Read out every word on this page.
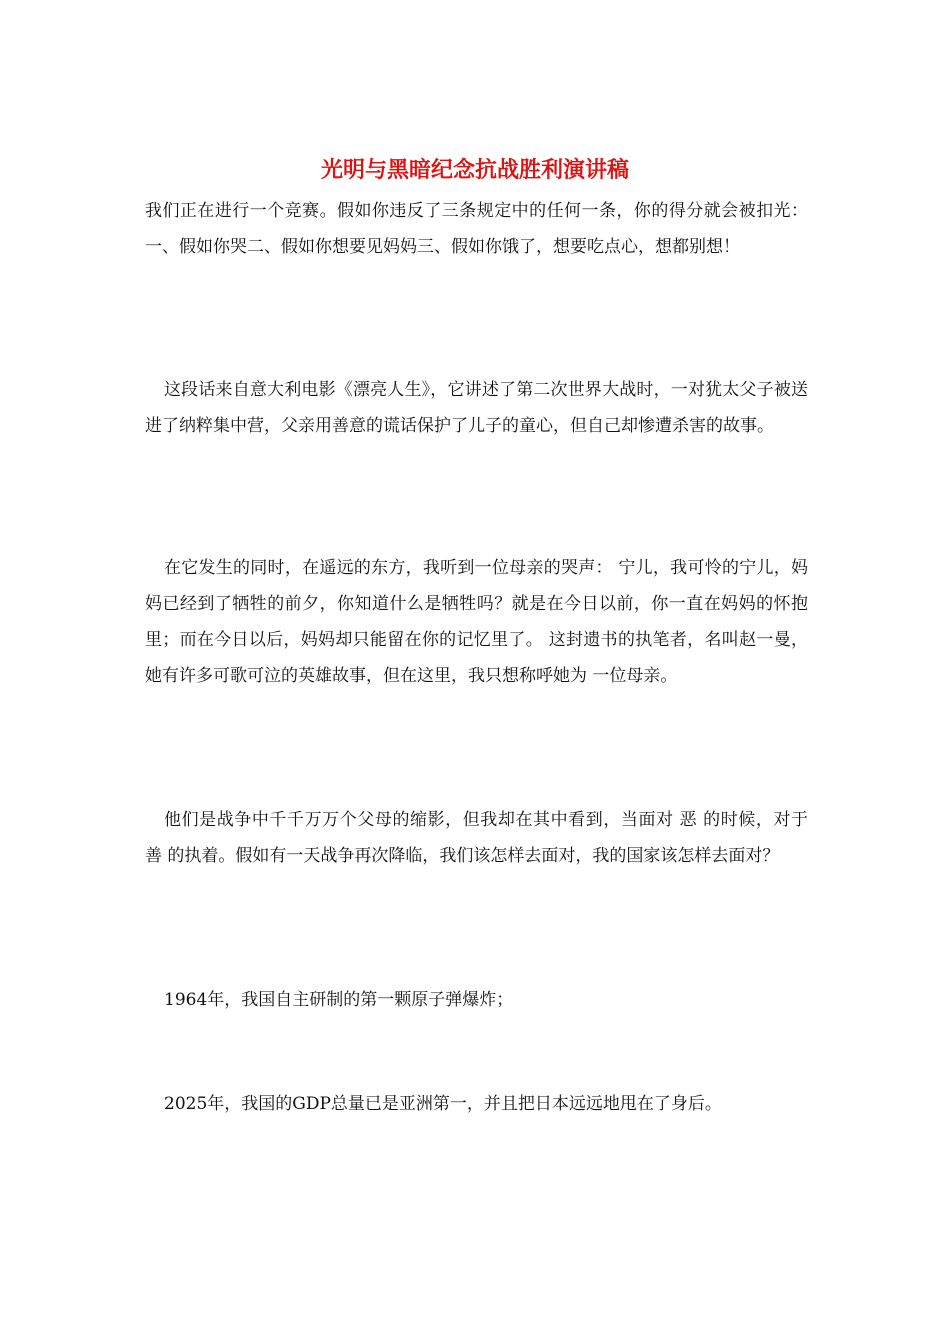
光明与黑暗纪念抗战胜利演讲稿

我们正在进行一个竞赛。假如你违反了三条规定中的任何一条，你的得分就会被扣光：一、假如你哭二、假如你想要见妈妈三、假如你饿了，想要吃点心，想都别想！

这段话来自意大利电影《漂亮人生》，它讲述了第二次世界大战时，一对犹太父子被送进了纳粹集中营，父亲用善意的谎话保护了儿子的童心，但自己却惨遭杀害的故事。

在它发生的同时，在遥远的东方，我听到一位母亲的哭声： 宁儿，我可怜的宁儿，妈妈已经到了牺牲的前夕，你知道什么是牺牲吗？就是在今日以前，你一直在妈妈的怀抱里；而在今日以后，妈妈却只能留在你的记忆里了。 这封遗书的执笔者，名叫赵一曼，她有许多可歌可泣的英雄故事，但在这里，我只想称呼她为 一位母亲。

他们是战争中千千万万个父母的缩影，但我却在其中看到，当面对 恶 的时候，对于 善 的执着。假如有一天战争再次降临，我们该怎样去面对，我的国家该怎样去面对？

1964年，我国自主研制的第一颗原子弹爆炸；

2025年，我国的GDP总量已是亚洲第一，并且把日本远远地甩在了身后。
